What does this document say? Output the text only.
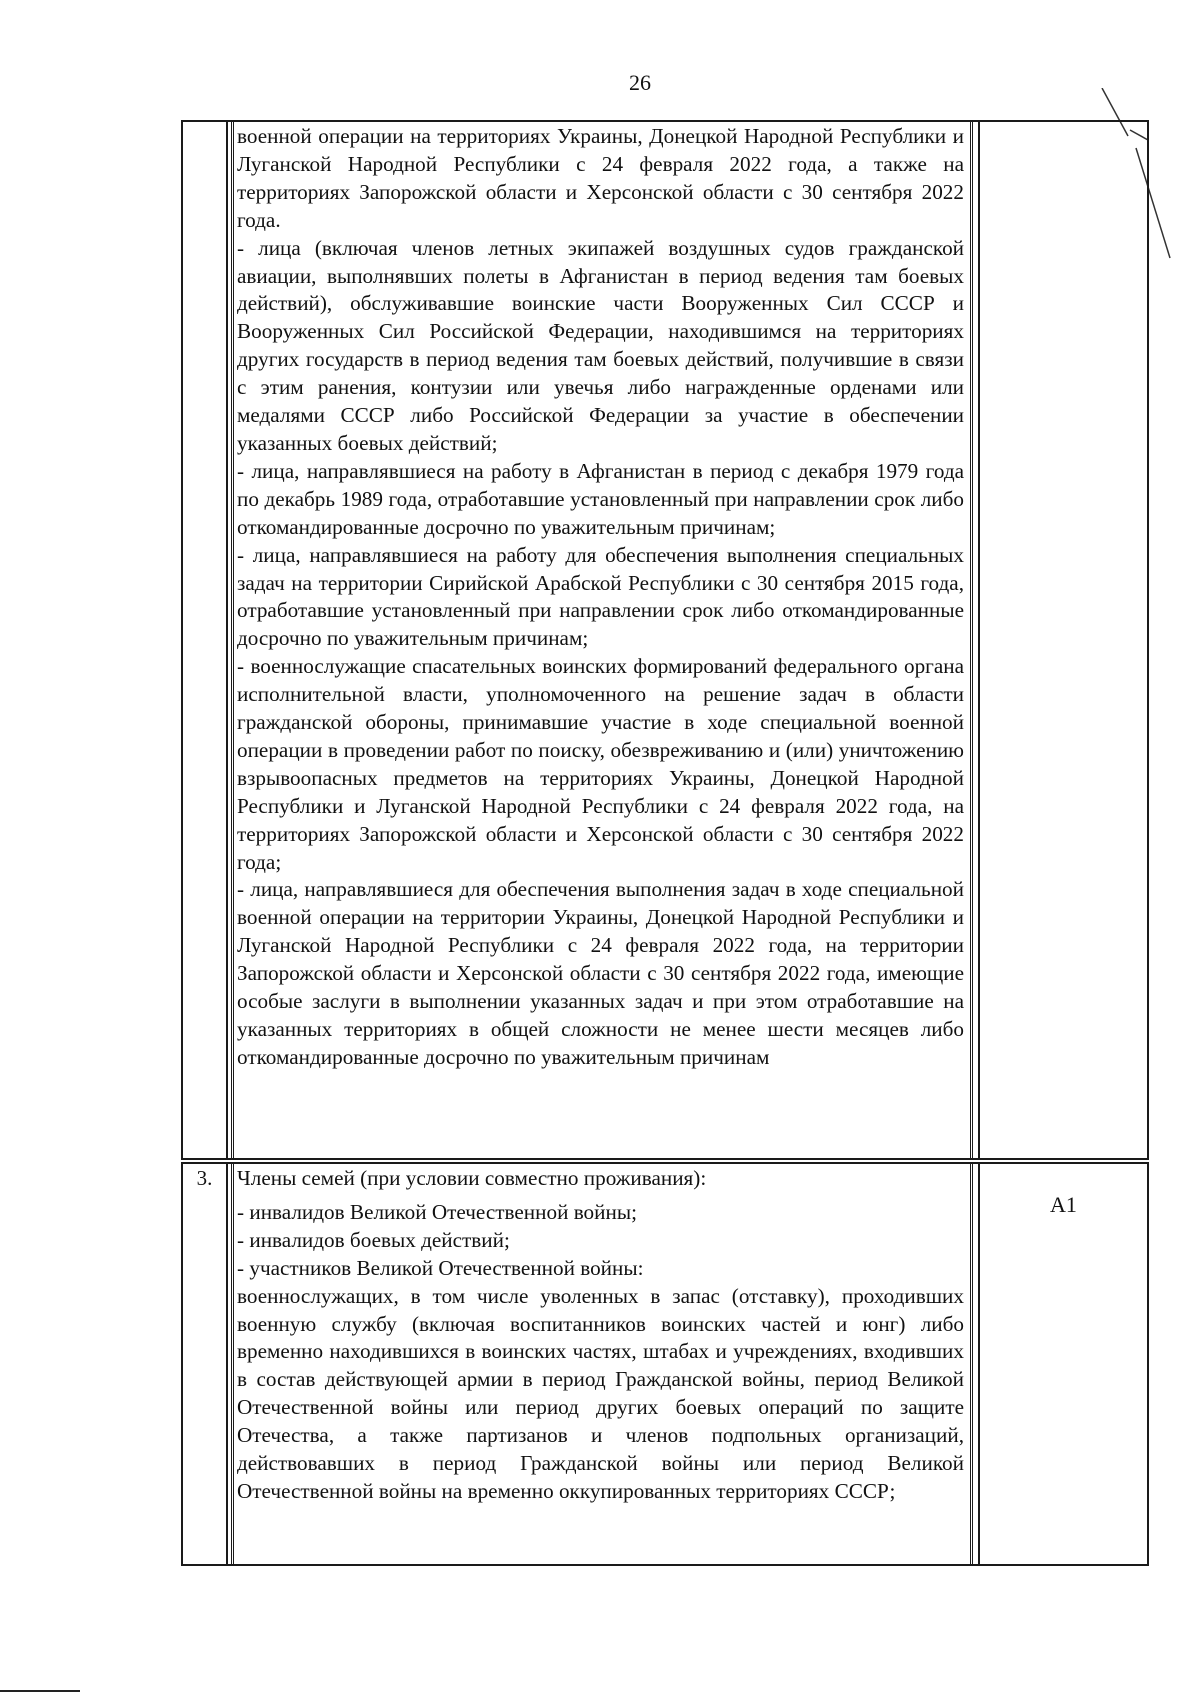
26

военной операции на территориях Украины, Донецкой Народной Республики и Луганской Народной Республики с 24 февраля 2022 года, а также на территориях Запорожской области и Херсонской области с 30 сентября 2022 года.

- лица (включая членов летных экипажей воздушных судов гражданской авиации, выполнявших полеты в Афганистан в период ведения там боевых действий), обслуживавшие воинские части Вооруженных Сил СССР и Вооруженных Сил Российской Федерации, находившимся на территориях других государств в период ведения там боевых действий, получившие в связи с этим ранения, контузии или увечья либо награжденные орденами или медалями СССР либо Российской Федерации за участие в обеспечении указанных боевых действий;

- лица, направлявшиеся на работу в Афганистан в период с декабря 1979 года по декабрь 1989 года, отработавшие установленный при направлении срок либо откомандированные досрочно по уважительным причинам;

- лица, направлявшиеся на работу для обеспечения выполнения специальных задач на территории Сирийской Арабской Республики с 30 сентября 2015 года, отработавшие установленный при направлении срок либо откомандированные досрочно по уважительным причинам;

- военнослужащие спасательных воинских формирований федерального органа исполнительной власти, уполномоченного на решение задач в области гражданской обороны, принимавшие участие в ходе специальной военной операции в проведении работ по поиску, обезвреживанию и (или) уничтожению взрывоопасных предметов на территориях Украины, Донецкой Народной Республики и Луганской Народной Республики с 24 февраля 2022 года, на территориях Запорожской области и Херсонской области с 30 сентября 2022 года;

- лица, направлявшиеся для обеспечения выполнения задач в ходе специальной военной операции на территории Украины, Донецкой Народной Республики и Луганской Народной Республики с 24 февраля 2022 года, на территории Запорожской области и Херсонской области с 30 сентября 2022 года, имеющие особые заслуги в выполнении указанных задач и при этом отработавшие на указанных территориях в общей сложности не менее шести месяцев либо откомандированные досрочно по уважительным причинам

3.	Члены семей (при условии совместно проживания):

- инвалидов Великой Отечественной войны;

- инвалидов боевых действий;

- участников Великой Отечественной войны:

военнослужащих, в том числе уволенных в запас (отставку), проходивших военную службу (включая воспитанников воинских частей и юнг) либо временно находившихся в воинских частях, штабах и учреждениях, входивших в состав действующей армии в период Гражданской войны, период Великой Отечественной войны или период других боевых операций по защите Отечества, а также партизанов и членов подпольных организаций, действовавших в период Гражданской войны или период Великой Отечественной войны на временно оккупированных территориях СССР;

А1
